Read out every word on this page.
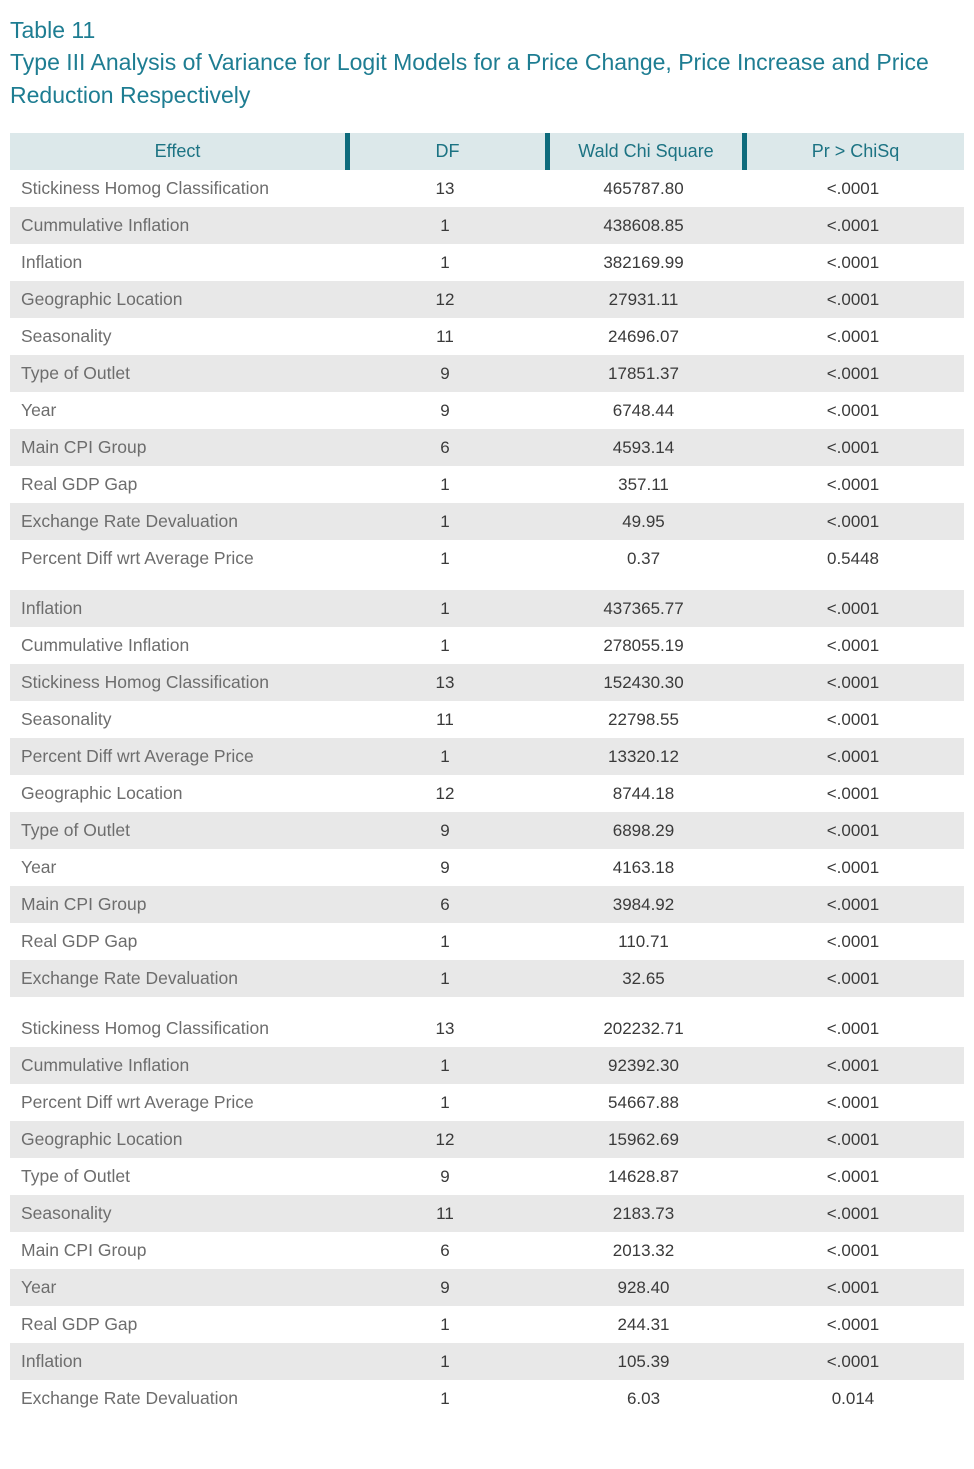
Table 11
Type III Analysis of Variance for Logit Models for a Price Change, Price Increase and Price Reduction Respectively
Effect	DF	Wald Chi Square	Pr > ChiSq
Stickiness Homog Classification	13	465787.80	<.0001
Cummulative Inflation	1	438608.85	<.0001
Inflation	1	382169.99	<.0001
Geographic Location	12	27931.11	<.0001
Seasonality	11	24696.07	<.0001
Type of Outlet	9	17851.37	<.0001
Year	9	6748.44	<.0001
Main CPI Group	6	4593.14	<.0001
Real GDP Gap	1	357.11	<.0001
Exchange Rate Devaluation	1	49.95	<.0001
Percent Diff wrt Average Price	1	0.37	0.5448
Inflation	1	437365.77	<.0001
Cummulative Inflation	1	278055.19	<.0001
Stickiness Homog Classification	13	152430.30	<.0001
Seasonality	11	22798.55	<.0001
Percent Diff wrt Average Price	1	13320.12	<.0001
Geographic Location	12	8744.18	<.0001
Type of Outlet	9	6898.29	<.0001
Year	9	4163.18	<.0001
Main CPI Group	6	3984.92	<.0001
Real GDP Gap	1	110.71	<.0001
Exchange Rate Devaluation	1	32.65	<.0001
Stickiness Homog Classification	13	202232.71	<.0001
Cummulative Inflation	1	92392.30	<.0001
Percent Diff wrt Average Price	1	54667.88	<.0001
Geographic Location	12	15962.69	<.0001
Type of Outlet	9	14628.87	<.0001
Seasonality	11	2183.73	<.0001
Main CPI Group	6	2013.32	<.0001
Year	9	928.40	<.0001
Real GDP Gap	1	244.31	<.0001
Inflation	1	105.39	<.0001
Exchange Rate Devaluation	1	6.03	0.014
